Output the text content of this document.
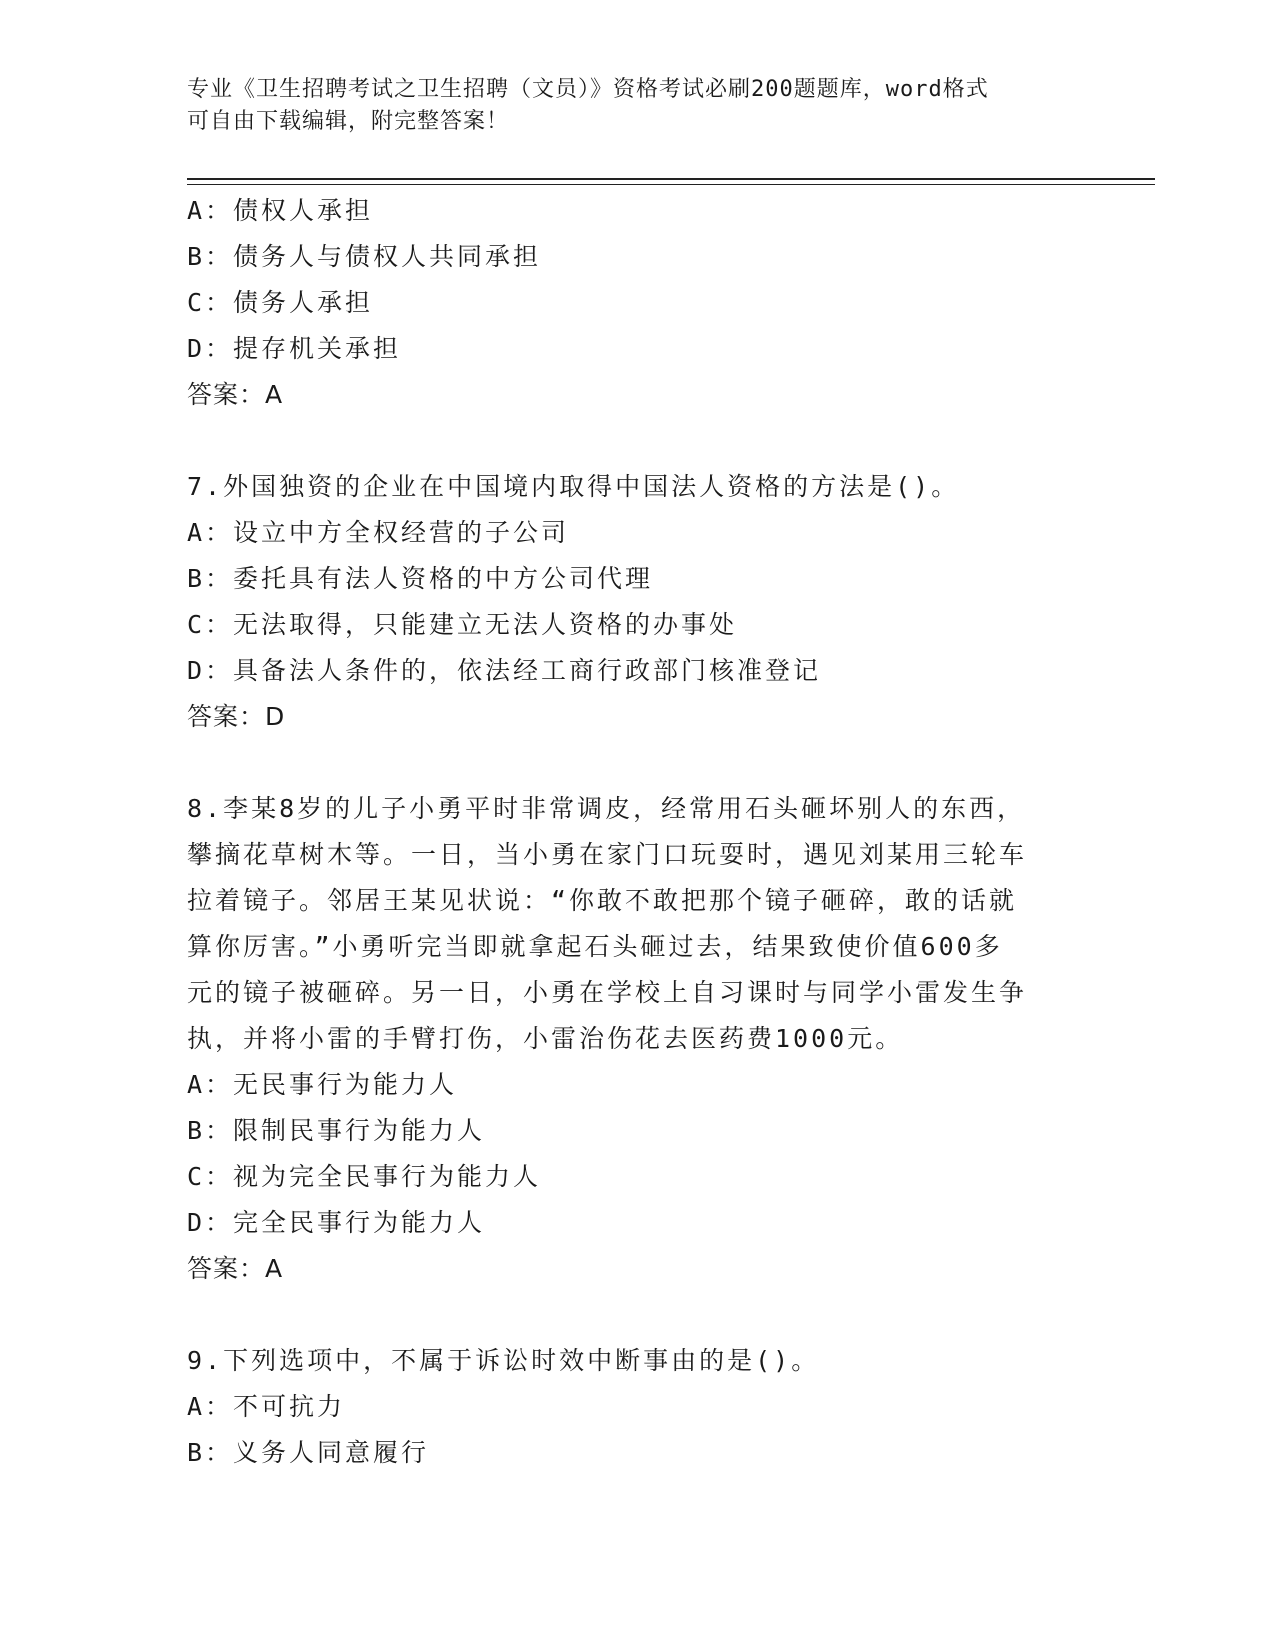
专业《卫生招聘考试之卫生招聘（文员）》资格考试必刷200题题库，word格式
可自由下载编辑，附完整答案！
A：债权人承担
B：债务人与债权人共同承担
C：债务人承担
D：提存机关承担
答案：A
7.外国独资的企业在中国境内取得中国法人资格的方法是()。
A：设立中方全权经营的子公司
B：委托具有法人资格的中方公司代理
C：无法取得，只能建立无法人资格的办事处
D：具备法人条件的，依法经工商行政部门核准登记
答案：D
8.李某8岁的儿子小勇平时非常调皮，经常用石头砸坏别人的东西，
攀摘花草树木等。一日，当小勇在家门口玩耍时，遇见刘某用三轮车
拉着镜子。邻居王某见状说：“你敢不敢把那个镜子砸碎，敢的话就
算你厉害。”小勇听完当即就拿起石头砸过去，结果致使价值600多
元的镜子被砸碎。另一日，小勇在学校上自习课时与同学小雷发生争
执，并将小雷的手臂打伤，小雷治伤花去医药费1000元。
A：无民事行为能力人
B：限制民事行为能力人
C：视为完全民事行为能力人
D：完全民事行为能力人
答案：A
9.下列选项中，不属于诉讼时效中断事由的是()。
A：不可抗力
B：义务人同意履行
